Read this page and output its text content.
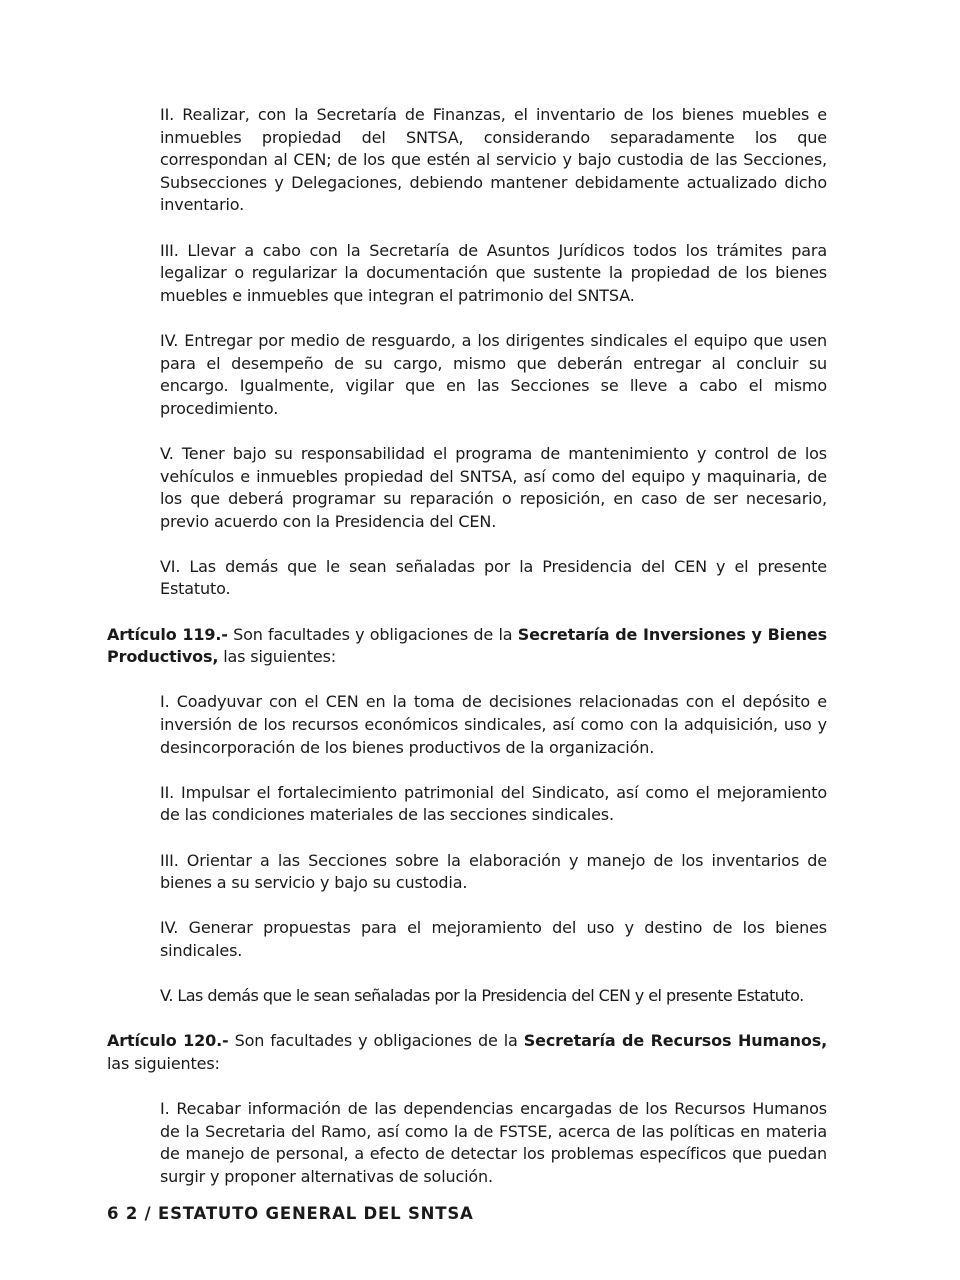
II. Realizar, con la Secretaría de Finanzas, el inventario de los bienes muebles e inmuebles propiedad del SNTSA, considerando separadamente los que correspondan al CEN; de los que estén al servicio y bajo custodia de las Secciones, Subsecciones y Delegaciones, debiendo mantener debidamente actualizado dicho inventario.

III. Llevar a cabo con la Secretaría de Asuntos Jurídicos todos los trámites para legalizar o regularizar la documentación que sustente la propiedad de los bienes muebles e inmuebles que integran el patrimonio del SNTSA.

IV. Entregar por medio de resguardo, a los dirigentes sindicales el equipo que usen para el desempeño de su cargo, mismo que deberán entregar al concluir su encargo. Igualmente, vigilar que en las Secciones se lleve a cabo el mismo procedimiento.

V. Tener bajo su responsabilidad el programa de mantenimiento y control de los vehículos e inmuebles propiedad del SNTSA, así como del equipo y maquinaria, de los que deberá programar su reparación o reposición, en caso de ser necesario, previo acuerdo con la Presidencia del CEN.

VI. Las demás que le sean señaladas por la Presidencia del CEN y el presente Estatuto.

Artículo 119.- Son facultades y obligaciones de la Secretaría de Inversiones y Bienes Productivos, las siguientes:

I. Coadyuvar con el CEN en la toma de decisiones relacionadas con el depósito e inversión de los recursos económicos sindicales, así como con la adquisición, uso y desincorporación de los bienes productivos de la organización.

II. Impulsar el fortalecimiento patrimonial del Sindicato, así como el mejoramiento de las condiciones materiales de las secciones sindicales.

III. Orientar a las Secciones sobre la elaboración y manejo de los inventarios de bienes a su servicio y bajo su custodia.

IV. Generar propuestas para el mejoramiento del uso y destino de los bienes sindicales.

V. Las demás que le sean señaladas por la Presidencia del CEN y el presente Estatuto.

Artículo 120.- Son facultades y obligaciones de la Secretaría de Recursos Humanos, las siguientes:

I. Recabar información de las dependencias encargadas de los Recursos Humanos de la Secretaria del Ramo, así como la de FSTSE, acerca de las políticas en materia de manejo de personal, a efecto de detectar los problemas específicos que puedan surgir y proponer alternativas de solución.

6 2 / ESTATUTO GENERAL DEL SNTSA
